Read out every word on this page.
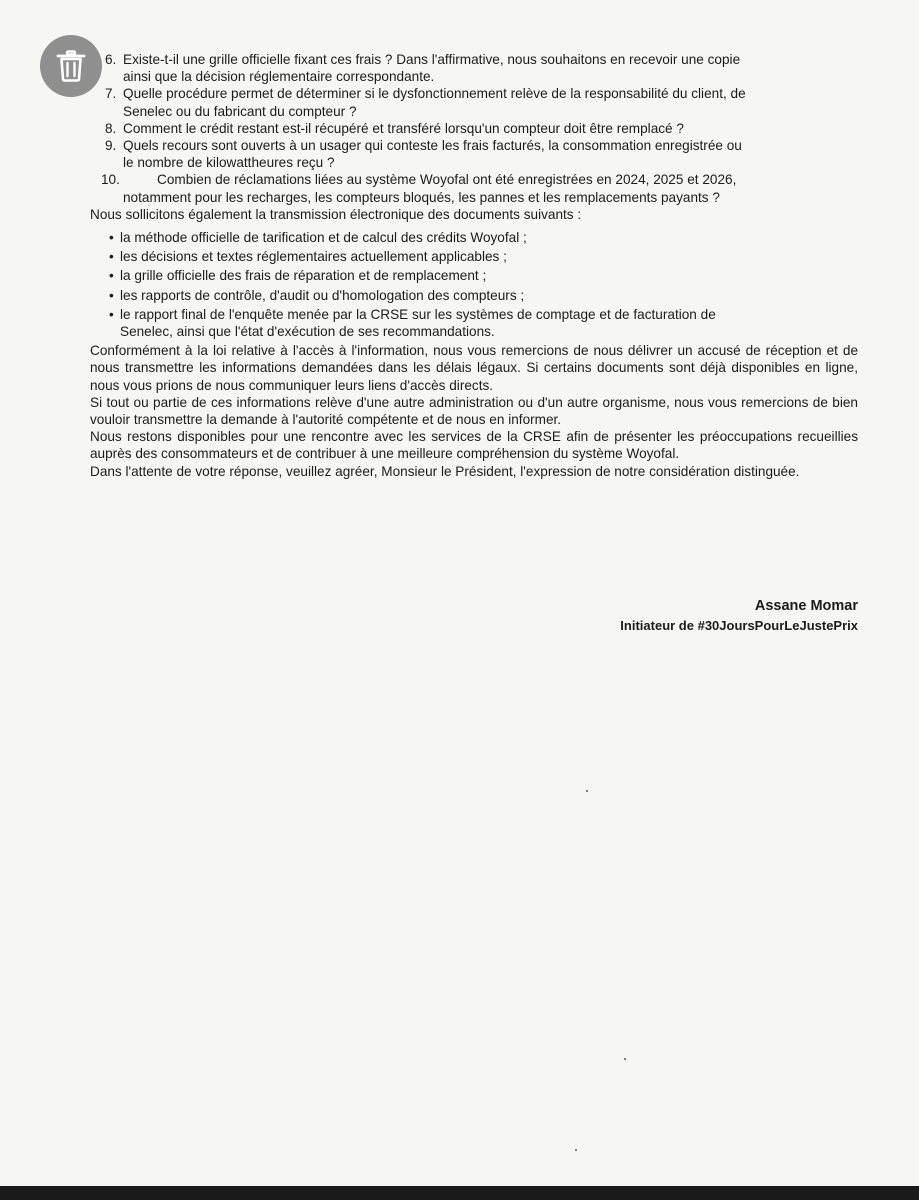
6. Existe-t-il une grille officielle fixant ces frais ? Dans l'affirmative, nous souhaitons en recevoir une copie
ainsi que la décision réglementaire correspondante.
7. Quelle procédure permet de déterminer si le dysfonctionnement relève de la responsabilité du client, de
Senelec ou du fabricant du compteur ?
8. Comment le crédit restant est-il récupéré et transféré lorsqu'un compteur doit être remplacé ?
9. Quels recours sont ouverts à un usager qui conteste les frais facturés, la consommation enregistrée ou
le nombre de kilowattheures reçu ?
10.	Combien de réclamations liées au système Woyofal ont été enregistrées en 2024, 2025 et 2026,
notamment pour les recharges, les compteurs bloqués, les pannes et les remplacements payants ?

Nous sollicitons également la transmission électronique des documents suivants :

• la méthode officielle de tarification et de calcul des crédits Woyofal ;
• les décisions et textes réglementaires actuellement applicables ;
• la grille officielle des frais de réparation et de remplacement ;
• les rapports de contrôle, d'audit ou d'homologation des compteurs ;
• le rapport final de l'enquête menée par la CRSE sur les systèmes de comptage et de facturation de
Senelec, ainsi que l'état d'exécution de ses recommandations.

Conformément à la loi relative à l'accès à l'information, nous vous remercions de nous délivrer un accusé de réception et de nous transmettre les informations demandées dans les délais légaux. Si certains documents sont déjà disponibles en ligne, nous vous prions de nous communiquer leurs liens d'accès directs.

Si tout ou partie de ces informations relève d'une autre administration ou d'un autre organisme, nous vous remercions de bien vouloir transmettre la demande à l'autorité compétente et de nous en informer.

Nous restons disponibles pour une rencontre avec les services de la CRSE afin de présenter les préoccupations recueillies auprès des consommateurs et de contribuer à une meilleure compréhension du système Woyofal.

Dans l'attente de votre réponse, veuillez agréer, Monsieur le Président, l'expression de notre considération distinguée.

Assane Momar
Initiateur de #30JoursPourLeJustePrix
